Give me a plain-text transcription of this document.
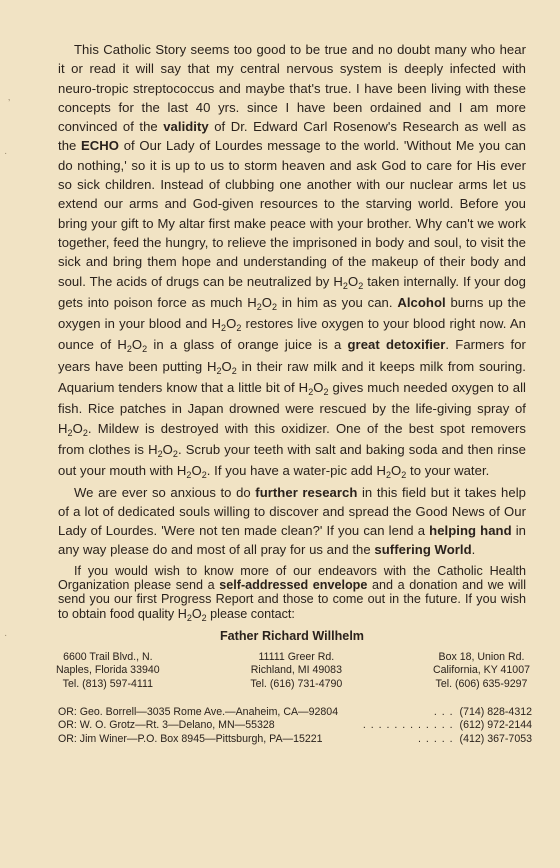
This Catholic Story seems too good to be true and no doubt many who hear it or read it will say that my central nervous system is deeply infected with neuro-tropic streptococcus and maybe that's true. I have been living with these concepts for the last 40 yrs. since I have been ordained and I am more convinced of the validity of Dr. Edward Carl Rosenow's Research as well as the ECHO of Our Lady of Lourdes message to the world. 'Without Me you can do nothing,' so it is up to us to storm heaven and ask God to care for His ever so sick children. Instead of clubbing one another with our nuclear arms let us extend our arms and God-given resources to the starving world. Before you bring your gift to My altar first make peace with your brother. Why can't we work together, feed the hungry, to relieve the imprisoned in body and soul, to visit the sick and bring them hope and understanding of the makeup of their body and soul. The acids of drugs can be neutralized by $H_2O_2$ taken internally. If your dog gets into poison force as much $H_2O_2$ in him as you can. Alcohol burns up the oxygen in your blood and $H_2O_2$ restores live oxygen to your blood right now. An ounce of $H_2O_2$ in a glass of orange juice is a great detoxifier. Farmers for years have been putting $H_2O_2$ in their raw milk and it keeps milk from souring. Aquarium tenders know that a little bit of $H_2O_2$ gives much needed oxygen to all fish. Rice patches in Japan drowned were rescued by the life-giving spray of $H_2O_2$. Mildew is destroyed with this oxidizer. One of the best spot removers from clothes is $H_2O_2$. Scrub your teeth with salt and baking soda and then rinse out your mouth with $H_2O_2$. If you have a water-pic add $H_2O_2$ to your water.

We are ever so anxious to do further research in this field but it takes help of a lot of dedicated souls willing to discover and spread the Good News of Our Lady of Lourdes. 'Were not ten made clean?' If you can lend a helping hand in any way please do and most of all pray for us and the suffering World.

If you would wish to know more of our endeavors with the Catholic Health Organization please send a self-addressed envelope and a donation and we will send you our first Progress Report and those to come out in the future. If you wish to obtain food quality $H_2O_2$ please contact:

Father Richard Willhelm
6600 Trail Blvd., N.
Naples, Florida 33940
Tel. (813) 597-4111
11111 Greer Rd.
Richland, MI 49083
Tel. (616) 731-4790
Box 18, Union Rd.
California, KY 41007
Tel. (606) 635-9297
OR: Geo. Borrell—3035 Rome Ave.—Anaheim, CA—92804	. . . (714) 828-4312
OR: W. O. Grotz—Rt. 3—Delano, MN—55328	. . . . . . . . . . . . (612) 972-2144
OR: Jim Winer—P.O. Box 8945—Pittsburgh, PA—15221	. . . . . (412) 367-7053
’
·
·
